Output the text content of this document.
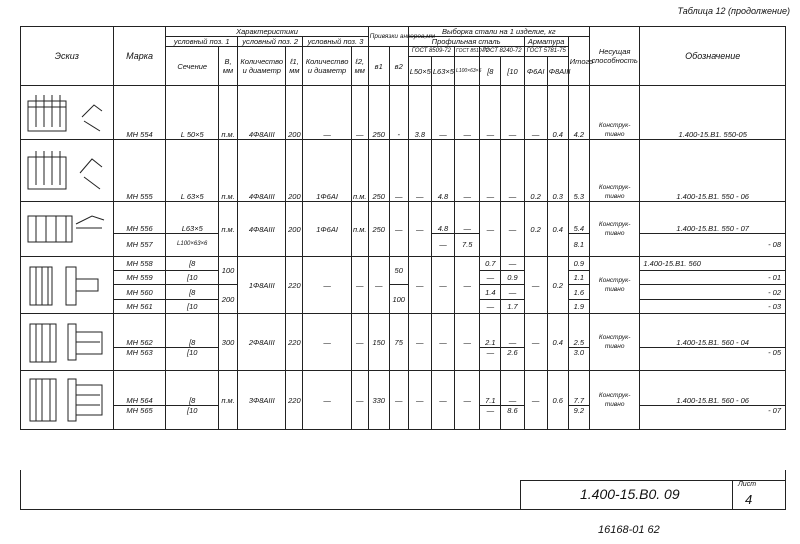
Таблица 12 (продолжение)
Эскиз	Марка	Характеристики						Привязки анкеров,мм		Выборка стали на 1 изделие, кг								Несущая способность	Обозначение
		условный поз. 1		условный поз. 2		условный поз. 3				Профильная сталь					Арматура		Итого		
		Сечение	В, мм	Количество и диаметр	ℓ1, мм	Количество и диаметр	ℓ2, мм	в1	в2	ГОСТ 8509-72		ГОСТ 8510-72	ГОСТ 8240-72		ГОСТ 5781-75				
										L50×5	L63×5	L100×63×6	[8	[10	Φ6АI	Φ8АIII			

	МН 554	L 50×5	п.м.	4Φ8АIII	200	—	—	250	-	3.8	—	—	—	—	—	0.4	4.2	Конструк-тивно	1.400-15.В1. 550-05

	МН 555	L 63×5	п.м.	4Φ8АIII	200	1Φ6АI	п.м.	250	—	—	4.8	—	—	—	0.2	0.3	5.3	Конструк-тивно	1.400-15.В1. 550 - 06

	МН 556	L63×5	п.м.	4Φ8АIII	200	1Φ6АI	п.м.	250	—	—	4.8	—	—	—	0.2	0.4	5.4	Конструк-тивно	1.400-15.В1. 550 - 07
	МН 557	L100×63×6									—	7.5					8.1		- 08

	МН 558	[8	100	1Φ8АIII	220	—	—	—	50	—	—	—	0.7	—	—	0.2	0.9	Конструк-тивно	1.400-15.В1. 560
	МН 559	[10											—	0.9			1.1		- 01
	МН 560	[8	200						100				1.4	—			1.6		- 02
	МН 561	[10											—	1.7			1.9		- 03

	МН 562	[8	300	2Φ8АIII	220	—	—	150	75	—	—	—	2.1	—	—	0.4	2.5	Конструк-тивно	1.400-15.В1. 560 - 04
	МН 563	[10											—	2.6			3.0		- 05

	МН 564	[8	п.м.	3Φ8АIII	220	—	—	330	—	—	—	—	7.1	—	—	0.6	7.7	Конструк-тивно	1.400-15.В1. 560 - 06
	МН 565	[10											—	8.6			9.2		- 07
1.400-15.В0. 09
Лист
4
16168-01 62
